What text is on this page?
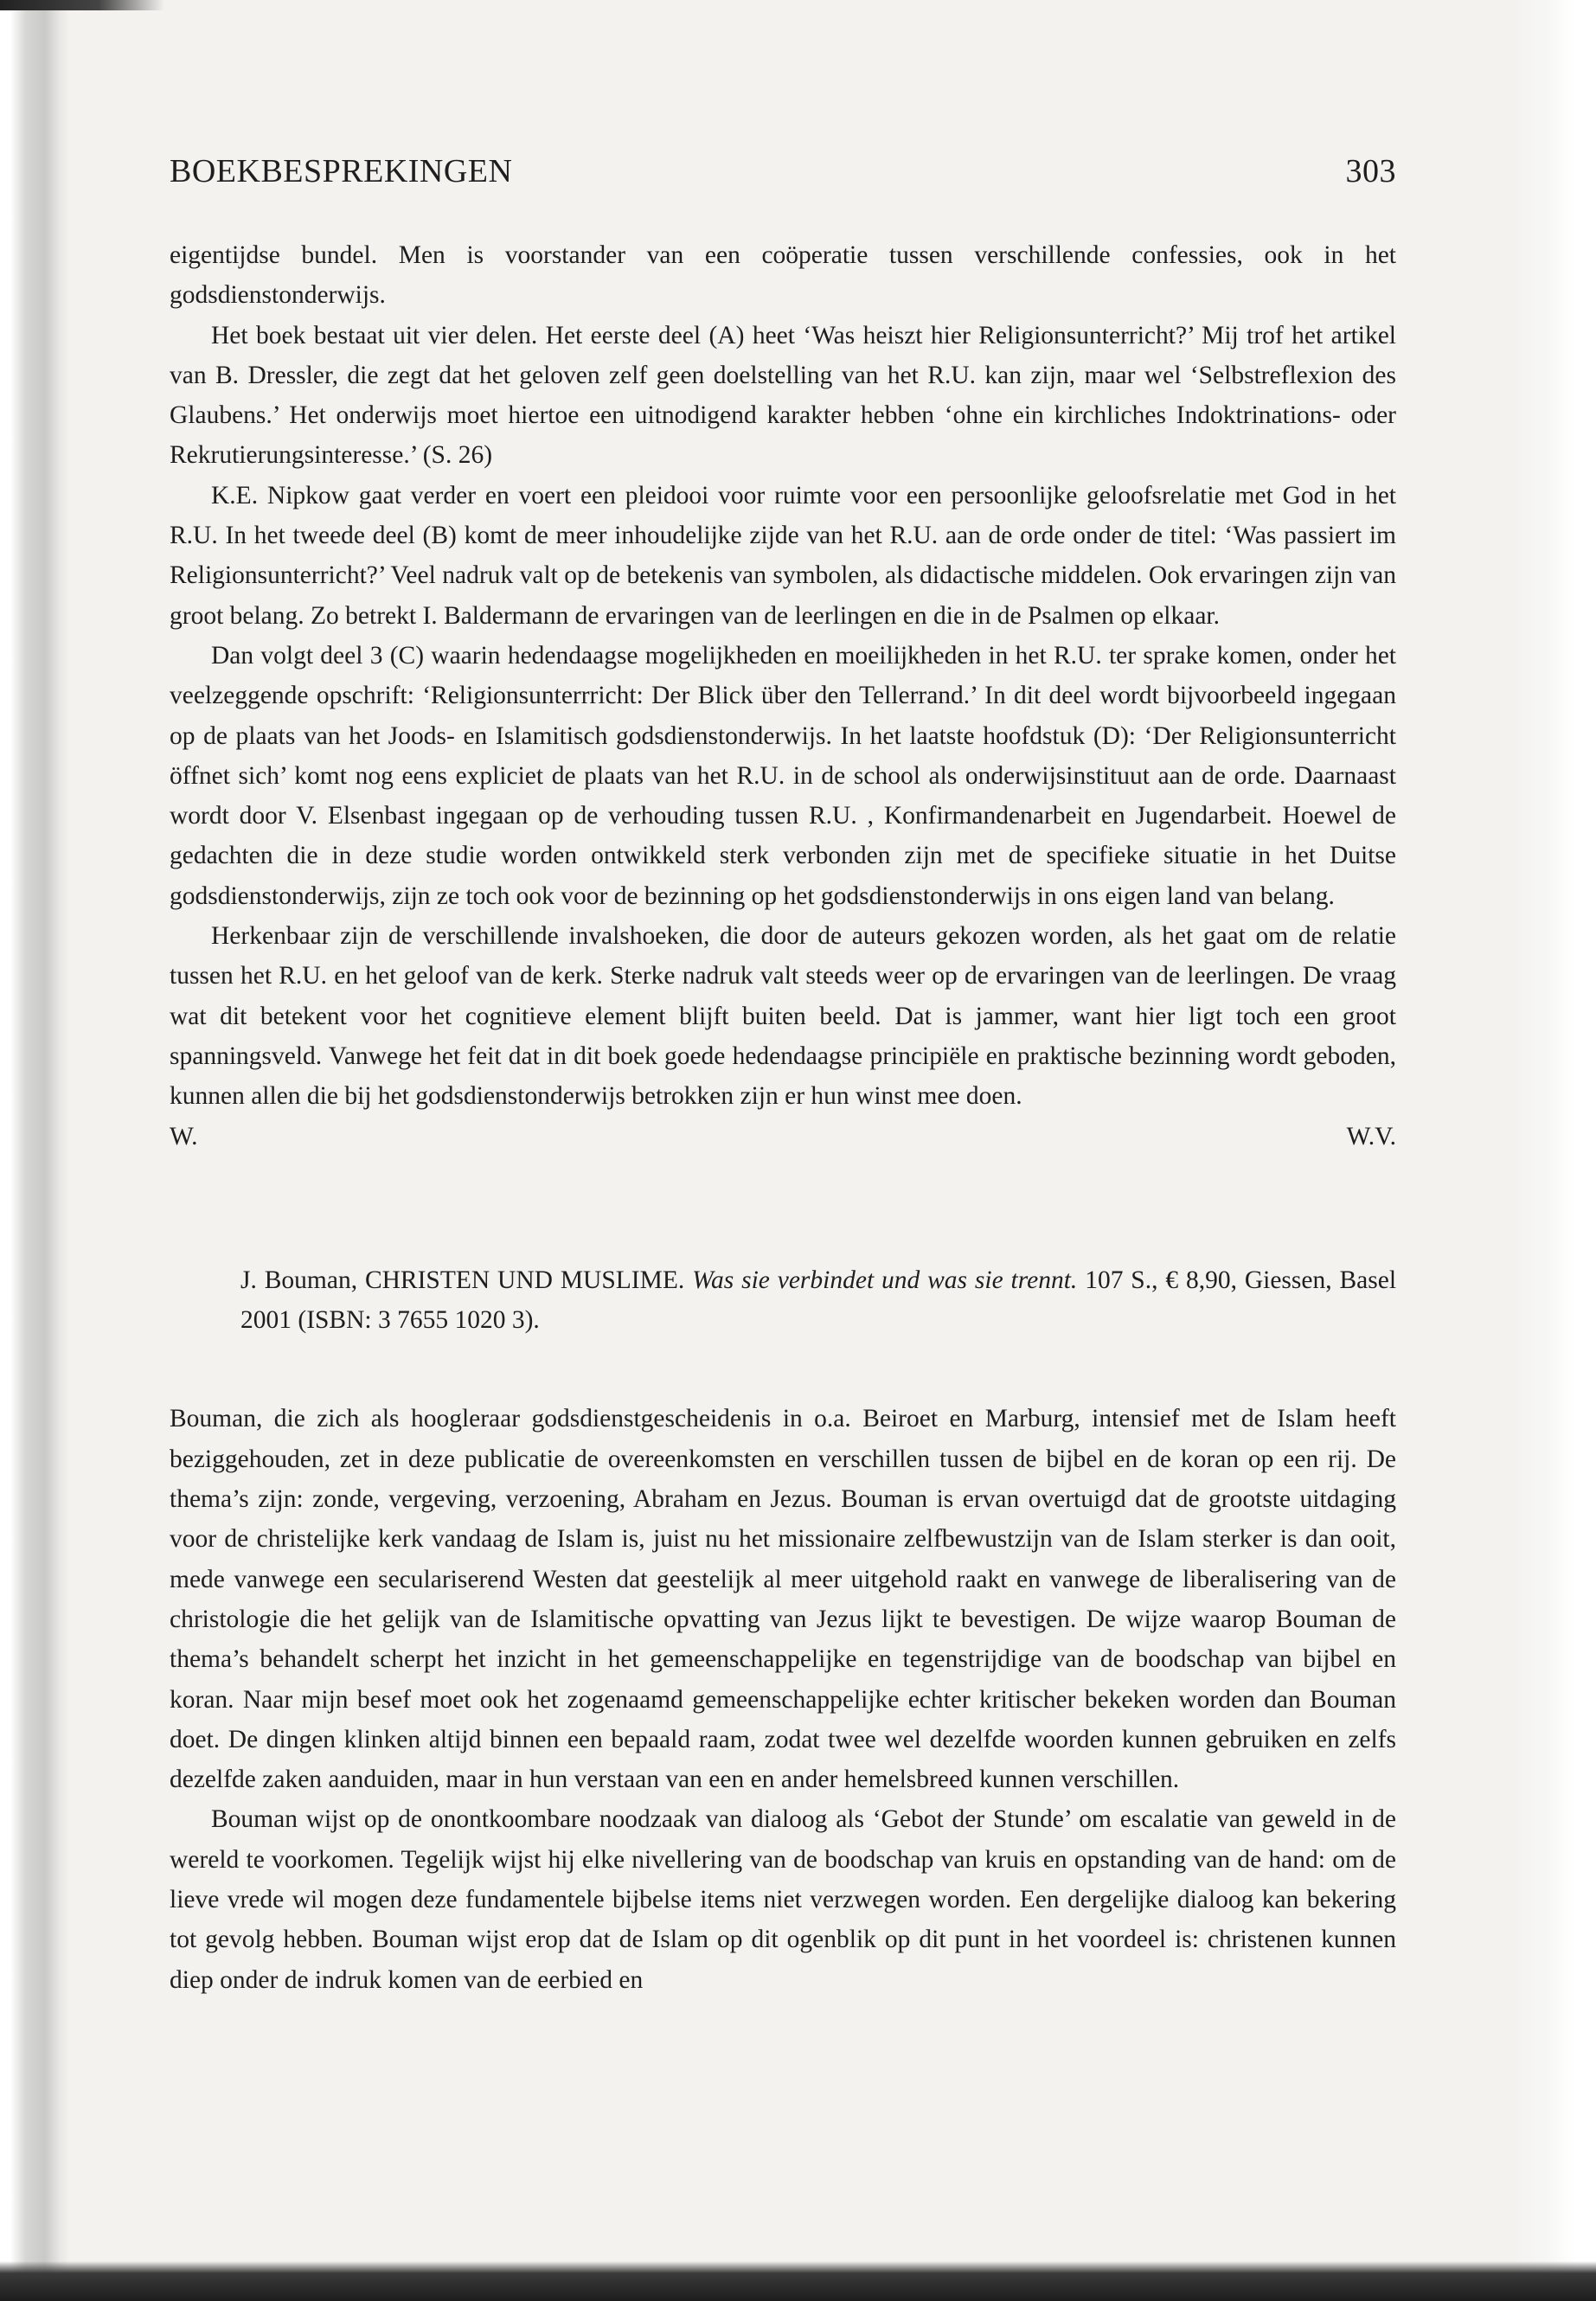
BOEKBESPREKINGEN	303

eigentijdse bundel. Men is voorstander van een coöperatie tussen verschillende confessies, ook in het godsdienstonderwijs.

Het boek bestaat uit vier delen. Het eerste deel (A) heet ‘Was heiszt hier Religionsunterricht?’ Mij trof het artikel van B. Dressler, die zegt dat het geloven zelf geen doelstelling van het R.U. kan zijn, maar wel ‘Selbstreflexion des Glaubens.’ Het onderwijs moet hiertoe een uitnodigend karakter hebben ‘ohne ein kirchliches Indoktrinations- oder Rekrutierungsinteresse.’ (S. 26)

K.E. Nipkow gaat verder en voert een pleidooi voor ruimte voor een persoonlijke geloofsrelatie met God in het R.U. In het tweede deel (B) komt de meer inhoudelijke zijde van het R.U. aan de orde onder de titel: ‘Was passiert im Religionsunterricht?’ Veel nadruk valt op de betekenis van symbolen, als didactische middelen. Ook ervaringen zijn van groot belang. Zo betrekt I. Baldermann de ervaringen van de leerlingen en die in de Psalmen op elkaar.

Dan volgt deel 3 (C) waarin hedendaagse mogelijkheden en moeilijkheden in het R.U. ter sprake komen, onder het veelzeggende opschrift: ‘Religionsunterrricht: Der Blick über den Tellerrand.’ In dit deel wordt bijvoorbeeld ingegaan op de plaats van het Joods- en Islamitisch godsdienstonderwijs. In het laatste hoofdstuk (D): ‘Der Religionsunterricht öffnet sich’ komt nog eens expliciet de plaats van het R.U. in de school als onderwijsinstituut aan de orde. Daarnaast wordt door V. Elsenbast ingegaan op de verhouding tussen R.U. , Konfirmandenarbeit en Jugendarbeit. Hoewel de gedachten die in deze studie worden ontwikkeld sterk verbonden zijn met de specifieke situatie in het Duitse godsdienstonderwijs, zijn ze toch ook voor de bezinning op het godsdienstonderwijs in ons eigen land van belang.

Herkenbaar zijn de verschillende invalshoeken, die door de auteurs gekozen worden, als het gaat om de relatie tussen het R.U. en het geloof van de kerk. Sterke nadruk valt steeds weer op de ervaringen van de leerlingen. De vraag wat dit betekent voor het cognitieve element blijft buiten beeld. Dat is jammer, want hier ligt toch een groot spanningsveld. Vanwege het feit dat in dit boek goede hedendaagse principiële en praktische bezinning wordt geboden, kunnen allen die bij het godsdienstonderwijs betrokken zijn er hun winst mee doen.

W.	W.V.
J. Bouman, CHRISTEN UND MUSLIME. Was sie verbindet und was sie trennt. 107 S., € 8,90, Giessen, Basel 2001 (ISBN: 3 7655 1020 3).

Bouman, die zich als hoogleraar godsdienstgescheidenis in o.a. Beiroet en Marburg, intensief met de Islam heeft beziggehouden, zet in deze publicatie de overeenkomsten en verschillen tussen de bijbel en de koran op een rij. De thema’s zijn: zonde, vergeving, verzoening, Abraham en Jezus. Bouman is ervan overtuigd dat de grootste uitdaging voor de christelijke kerk vandaag de Islam is, juist nu het missionaire zelfbewustzijn van de Islam sterker is dan ooit, mede vanwege een seculariserend Westen dat geestelijk al meer uitgehold raakt en vanwege de liberalisering van de christologie die het gelijk van de Islamitische opvatting van Jezus lijkt te bevestigen. De wijze waarop Bouman de thema’s behandelt scherpt het inzicht in het gemeenschappelijke en tegenstrijdige van de boodschap van bijbel en koran. Naar mijn besef moet ook het zogenaamd gemeenschappelijke echter kritischer bekeken worden dan Bouman doet. De dingen klinken altijd binnen een bepaald raam, zodat twee wel dezelfde woorden kunnen gebruiken en zelfs dezelfde zaken aanduiden, maar in hun verstaan van een en ander hemelsbreed kunnen verschillen.

Bouman wijst op de onontkoombare noodzaak van dialoog als ‘Gebot der Stunde’ om escalatie van geweld in de wereld te voorkomen. Tegelijk wijst hij elke nivellering van de boodschap van kruis en opstanding van de hand: om de lieve vrede wil mogen deze fundamentele bijbelse items niet verzwegen worden. Een dergelijke dialoog kan bekering tot gevolg hebben. Bouman wijst erop dat de Islam op dit ogenblik op dit punt in het voordeel is: christenen kunnen diep onder de indruk komen van de eerbied en
